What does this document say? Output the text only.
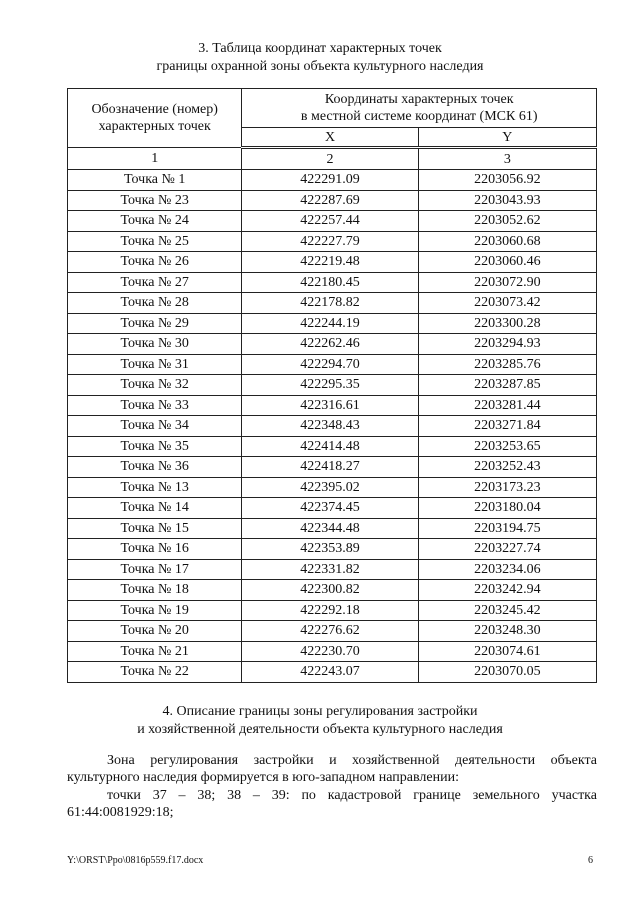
3. Таблица координат характерных точек
границы охранной зоны объекта культурного наследия
Обозначение (номер)
характерных точек	Координаты характерных точек
в местной системе координат (МСК 61)	

	X	Y
1	2	3
Точка № 1	422291.09	2203056.92
Точка № 23	422287.69	2203043.93
Точка № 24	422257.44	2203052.62
Точка № 25	422227.79	2203060.68
Точка № 26	422219.48	2203060.46
Точка № 27	422180.45	2203072.90
Точка № 28	422178.82	2203073.42
Точка № 29	422244.19	2203300.28
Точка № 30	422262.46	2203294.93
Точка № 31	422294.70	2203285.76
Точка № 32	422295.35	2203287.85
Точка № 33	422316.61	2203281.44
Точка № 34	422348.43	2203271.84
Точка № 35	422414.48	2203253.65
Точка № 36	422418.27	2203252.43
Точка № 13	422395.02	2203173.23
Точка № 14	422374.45	2203180.04
Точка № 15	422344.48	2203194.75
Точка № 16	422353.89	2203227.74
Точка № 17	422331.82	2203234.06
Точка № 18	422300.82	2203242.94
Точка № 19	422292.18	2203245.42
Точка № 20	422276.62	2203248.30
Точка № 21	422230.70	2203074.61
Точка № 22	422243.07	2203070.05
4. Описание границы зоны регулирования застройки
и хозяйственной деятельности объекта культурного наследия
Зона регулирования застройки и хозяйственной деятельности объекта культурного наследия формируется в юго-западном направлении:
точки 37 – 38; 38 – 39: по кадастровой границе земельного участка 61:44:0081929:18;
Y:\ORST\Ppo\0816p559.f17.docx	6
